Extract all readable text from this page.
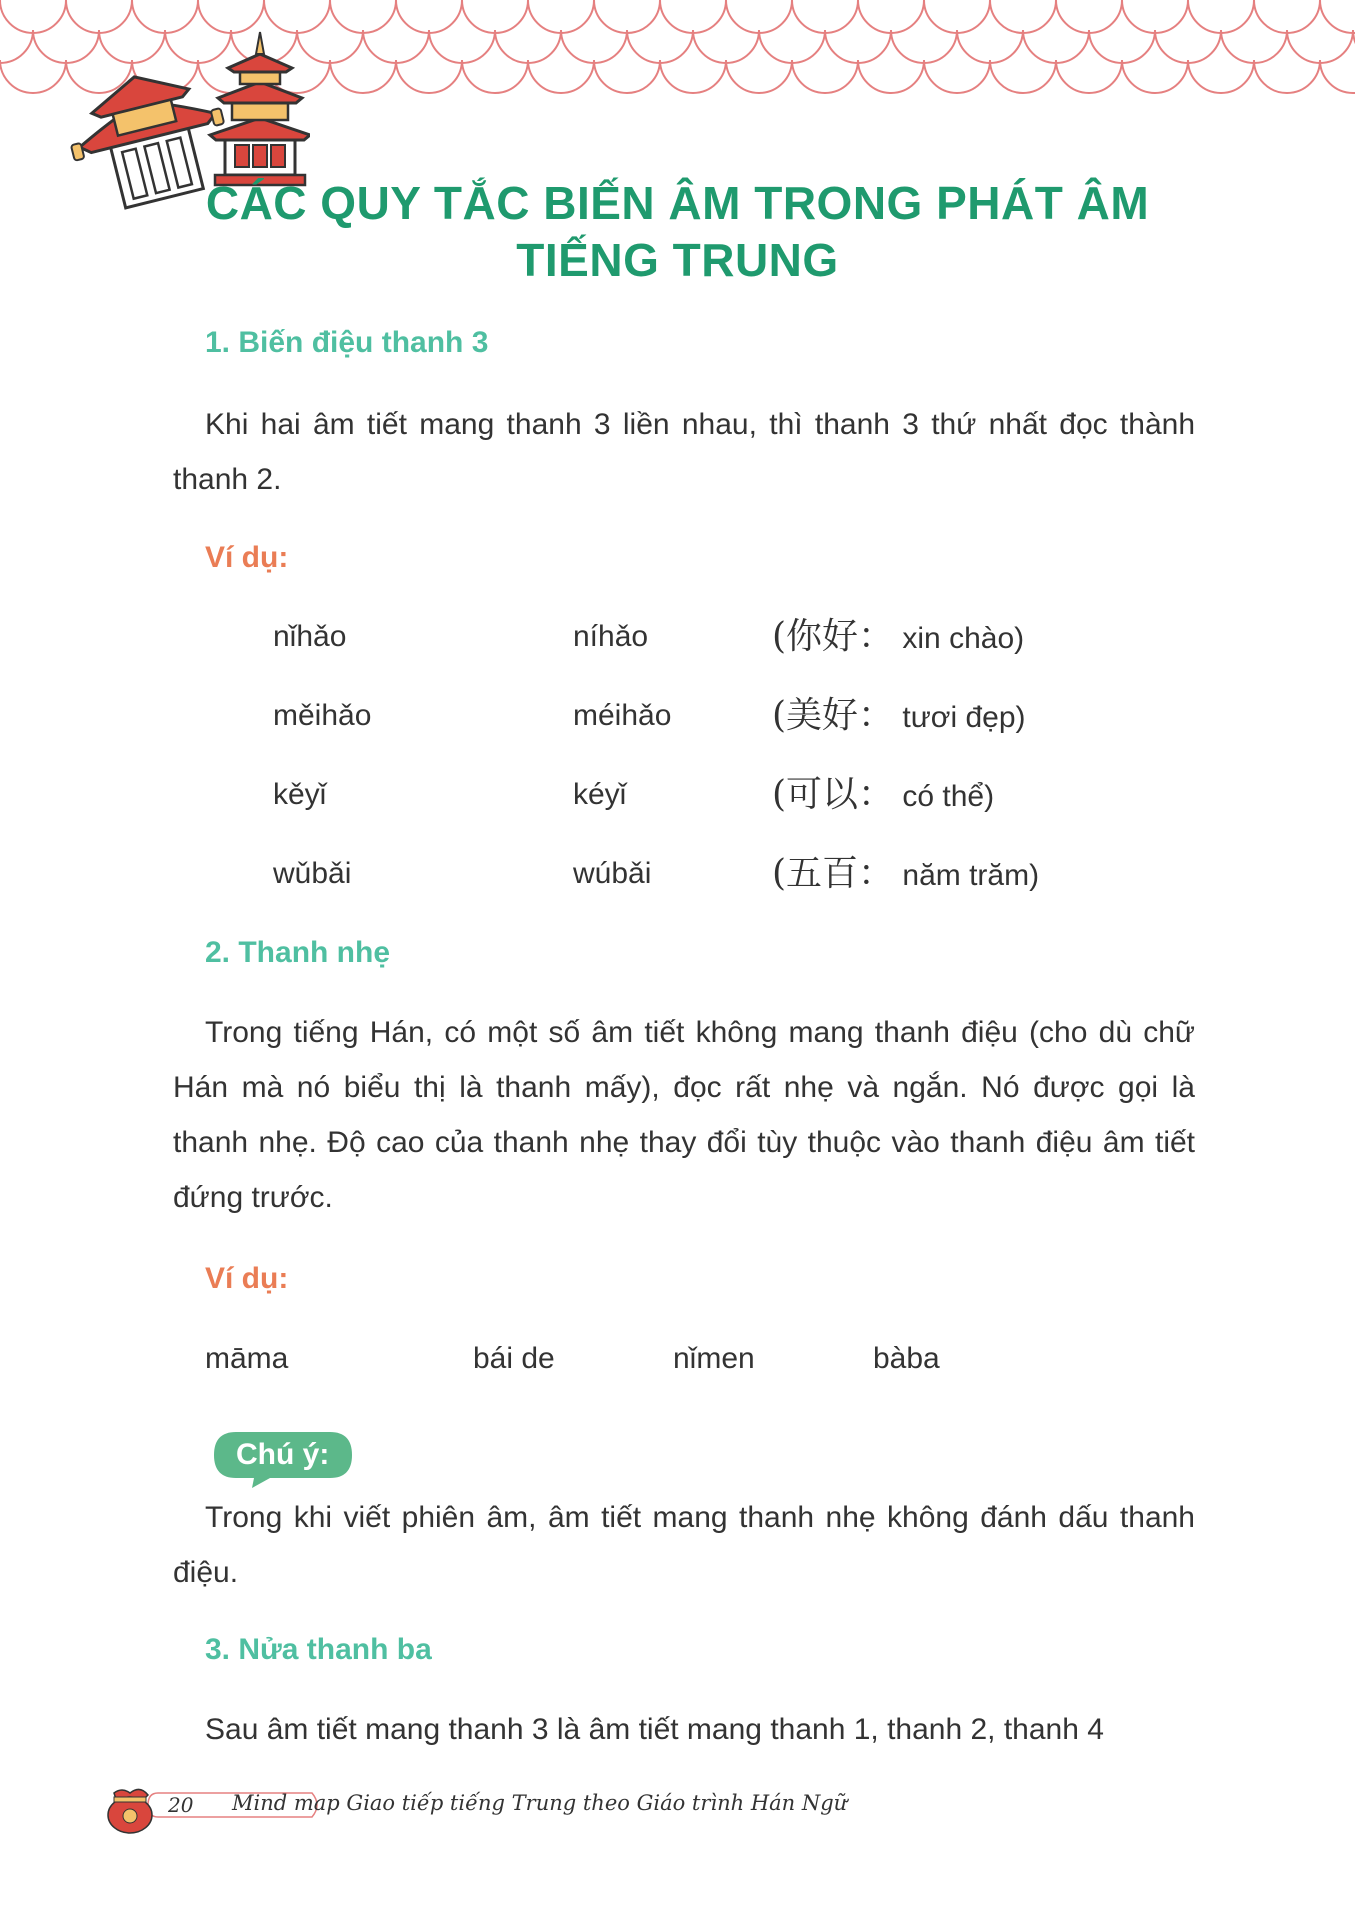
CÁC QUY TẮC BIẾN ÂM TRONG PHÁT ÂM
TIẾNG TRUNG
1. Biến điệu thanh 3

Khi hai âm tiết mang thanh 3 liền nhau, thì thanh 3 thứ nhất đọc thành thanh 2.

Ví dụ:
nǐhǎo	níhǎo	(你好： xin chào)
měihǎo	méihǎo	(美好： tươi đẹp)
kěyǐ	kéyǐ	(可以： có thể)
wǔbǎi	wúbǎi	(五百： năm trăm)
2. Thanh nhẹ

Trong tiếng Hán, có một số âm tiết không mang thanh điệu (cho dù chữ Hán mà nó biểu thị là thanh mấy), đọc rất nhẹ và ngắn. Nó được gọi là thanh nhẹ. Độ cao của thanh nhẹ thay đổi tùy thuộc vào thanh điệu âm tiết đứng trước.

Ví dụ:
māma	bái de	nǐmen	bàba
Chú ý:

Trong khi viết phiên âm, âm tiết mang thanh nhẹ không đánh dấu thanh điệu.

3. Nửa thanh ba

Sau âm tiết mang thanh 3 là âm tiết mang thanh 1, thanh 2, thanh 4

20 Mind map Giao tiếp tiếng Trung theo Giáo trình Hán Ngữ
